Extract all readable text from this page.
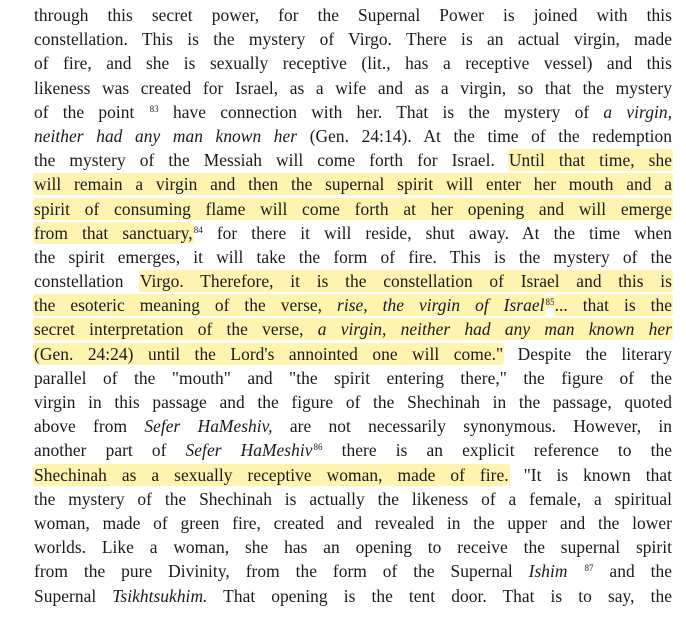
through this secret power, for the Supernal Power is joined with this
constellation. This is the mystery of Virgo. There is an actual virgin, made
of fire, and she is sexually receptive (lit., has a receptive vessel) and this
likeness was created for Israel, as a wife and as a virgin, so that the mystery
of the point $^{83}$ have connection with her. That is the mystery of a virgin,
neither had any man known her (Gen. 24:14). At the time of the redemption
the mystery of the Messiah will come forth for Israel. Until that time, she
will remain a virgin and then the supernal spirit will enter her mouth and a
spirit of consuming flame will come forth at her opening and will emerge
from that sanctuary,$^{84}$ for there it will reside, shut away. At the time when
the spirit emerges, it will take the form of fire. This is the mystery of the
constellation Virgo. Therefore, it is the constellation of Israel and this is
the esoteric meaning of the verse, rise, the virgin of Israel$^{85}$... that is the
secret interpretation of the verse, a virgin, neither had any man known her
(Gen. 24:24) until the Lord's annointed one will come." Despite the literary
parallel of the "mouth" and "the spirit entering there," the figure of the
virgin in this passage and the figure of the Shechinah in the passage, quoted
above from Sefer HaMeshiv, are not necessarily synonymous. However, in
another part of Sefer HaMeshiv$^{86}$ there is an explicit reference to the
Shechinah as a sexually receptive woman, made of fire. "It is known that
the mystery of the Shechinah is actually the likeness of a female, a spiritual
woman, made of green fire, created and revealed in the upper and the lower
worlds. Like a woman, she has an opening to receive the supernal spirit
from the pure Divinity, from the form of the Supernal Ishim $^{87}$ and the
Supernal Tsikhtsukhim. That opening is the tent door. That is to say, the
